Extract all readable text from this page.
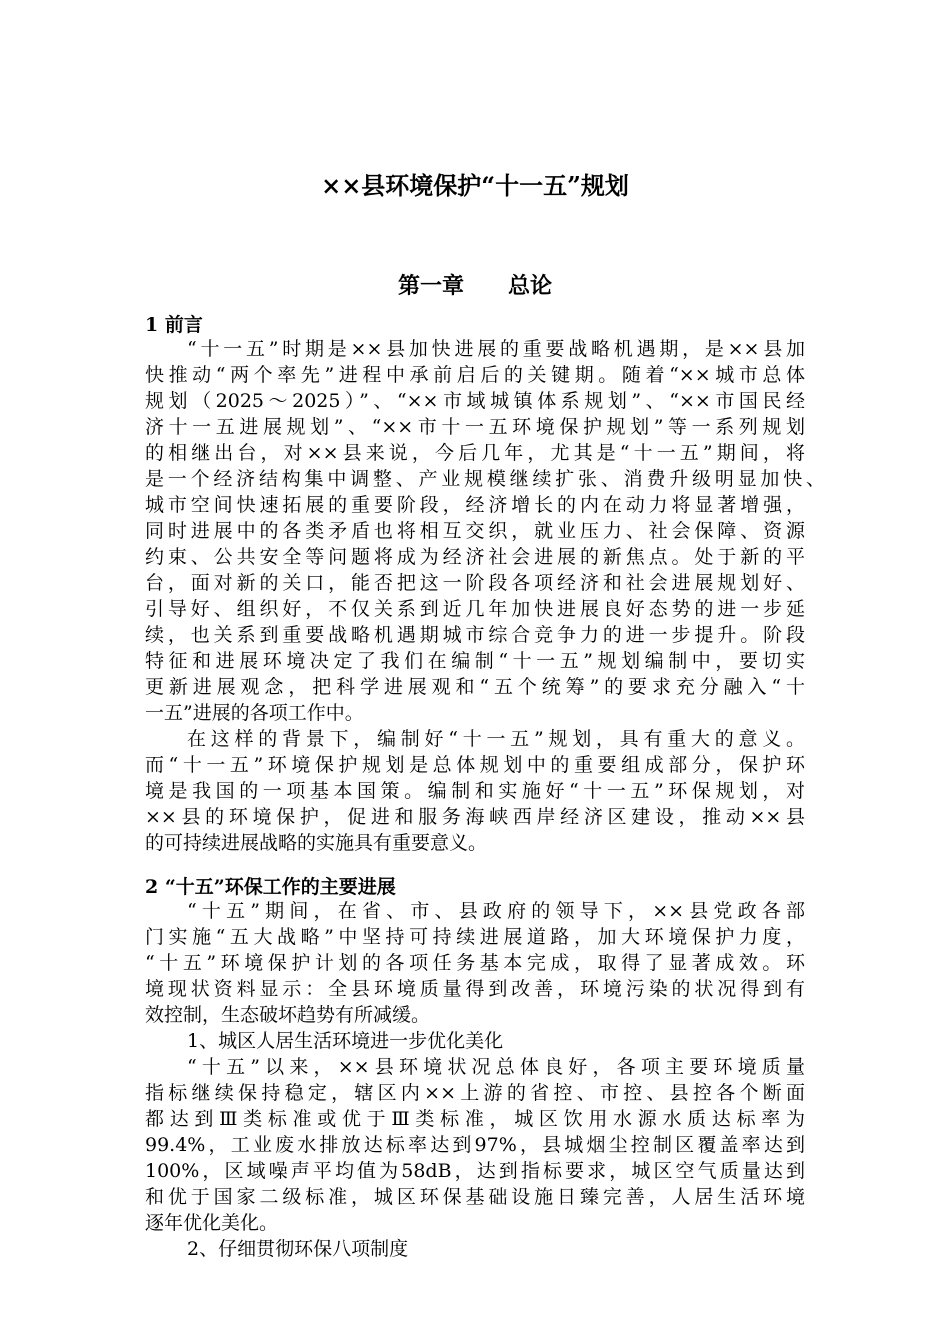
××县环境保护“十一五”规划
第一章　　总论
1 前言
“十一五”时期是××县加快进展的重要战略机遇期，是××县加
快推动“两个率先”进程中承前启后的关键期。随着“××城市总体
规划（2025～2025）”、“××市域城镇体系规划”、“××市国民经
济十一五进展规划”、“××市十一五环境保护规划”等一系列规划
的相继出台，对××县来说，今后几年，尤其是“十一五”期间，将
是一个经济结构集中调整、产业规模继续扩张、消费升级明显加快、
城市空间快速拓展的重要阶段，经济增长的内在动力将显著增强，
同时进展中的各类矛盾也将相互交织，就业压力、社会保障、资源
约束、公共安全等问题将成为经济社会进展的新焦点。处于新的平
台，面对新的关口，能否把这一阶段各项经济和社会进展规划好、
引导好、组织好，不仅关系到近几年加快进展良好态势的进一步延
续，也关系到重要战略机遇期城市综合竞争力的进一步提升。阶段
特征和进展环境决定了我们在编制“十一五”规划编制中，要切实
更新进展观念，把科学进展观和“五个统筹”的要求充分融入“十
一五”进展的各项工作中。
在这样的背景下，编制好“十一五”规划，具有重大的意义。
而“十一五”环境保护规划是总体规划中的重要组成部分，保护环
境是我国的一项基本国策。编制和实施好“十一五”环保规划，对
××县的环境保护，促进和服务海峡西岸经济区建设，推动××县
的可持续进展战略的实施具有重要意义。
2 “十五”环保工作的主要进展
“十五”期间，在省、市、县政府的领导下，××县党政各部
门实施“五大战略”中坚持可持续进展道路，加大环境保护力度，
“十五”环境保护计划的各项任务基本完成，取得了显著成效。环
境现状资料显示：全县环境质量得到改善，环境污染的状况得到有
效控制，生态破坏趋势有所减缓。
1、城区人居生活环境进一步优化美化
“十五”以来，××县环境状况总体良好，各项主要环境质量
指标继续保持稳定，辖区内××上游的省控、市控、县控各个断面
都达到Ⅲ类标准或优于Ⅲ类标准，城区饮用水源水质达标率为
99.4%，工业废水排放达标率达到97%，县城烟尘控制区覆盖率达到
100%，区域噪声平均值为58dB，达到指标要求，城区空气质量达到
和优于国家二级标准，城区环保基础设施日臻完善，人居生活环境
逐年优化美化。
2、仔细贯彻环保八项制度
